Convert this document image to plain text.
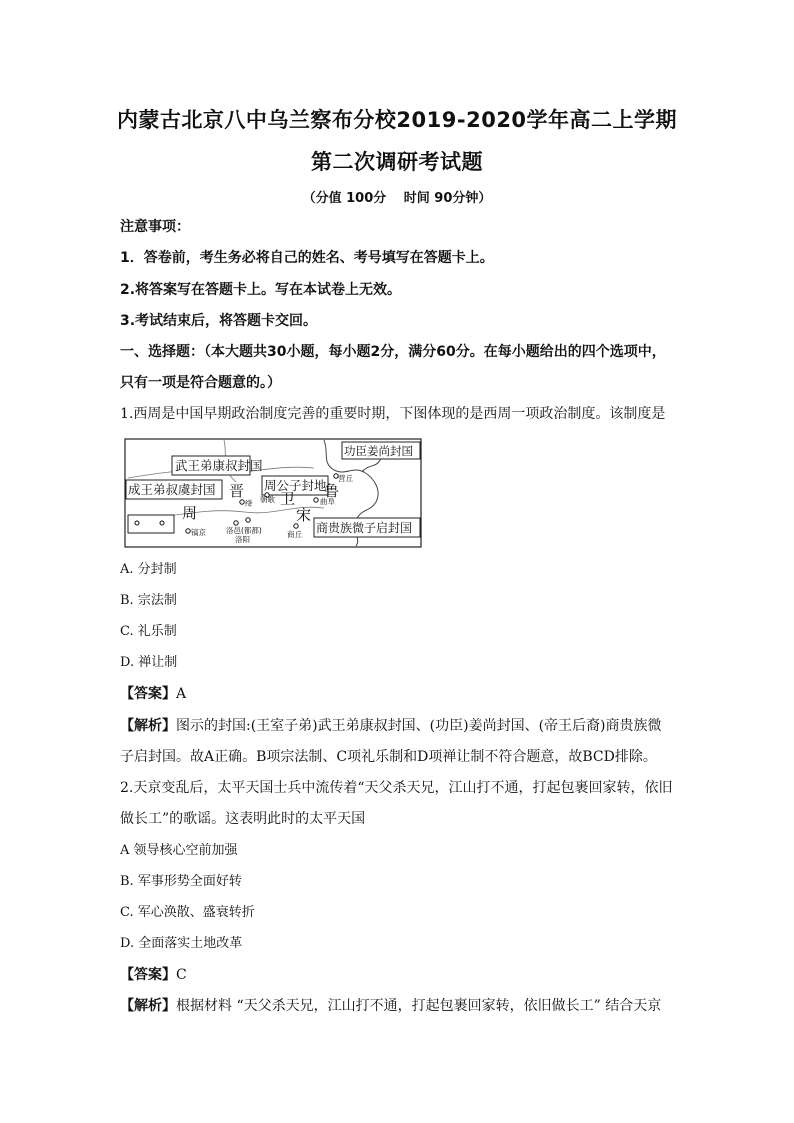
内蒙古北京八中乌兰察布分校2019-2020学年高二上学期
第二次调研考试题
（分值 100分　 时间 90分钟）
注意事项：
1．答卷前，考生务必将自己的姓名、考号填写在答题卡上。
2.将答案写在答题卡上。写在本试卷上无效。
3.考试结束后，将答题卡交回。
一、选择题：（本大题共30小题，每小题2分，满分60分。在每小题给出的四个选项中，
只有一项是符合题意的。）
1.西周是中国早期政治制度完善的重要时期，下图体现的是西周一项政治制度。该制度是
武王弟康叔封国
成王弟叔虞封国	周公子封地
功臣姜尚封国
商贵族微子启封国
晋
周
卫 鲁
宋
营丘
曲阜
绛 朝歌
镐京	洛邑(都都)
洛阳
商丘
A. 分封制
B. 宗法制
C. 礼乐制
D. 禅让制
【答案】A
【解析】图示的封国:(王室子弟)武王弟康叔封国、(功臣)姜尚封国、(帝王后裔)商贵族微
子启封国。故A正确。B项宗法制、C项礼乐制和D项禅让制不符合题意，故BCD排除。
2.天京变乱后，太平天国士兵中流传着“天父杀天兄，江山打不通，打起包裹回家转，依旧
做长工”的歌谣。这表明此时的太平天国
A 领导核心空前加强
B. 军事形势全面好转
C. 军心涣散、盛衰转折
D. 全面落实土地改革
【答案】C
【解析】根据材料 “天父杀天兄，江山打不通，打起包裹回家转，依旧做长工” 结合天京
